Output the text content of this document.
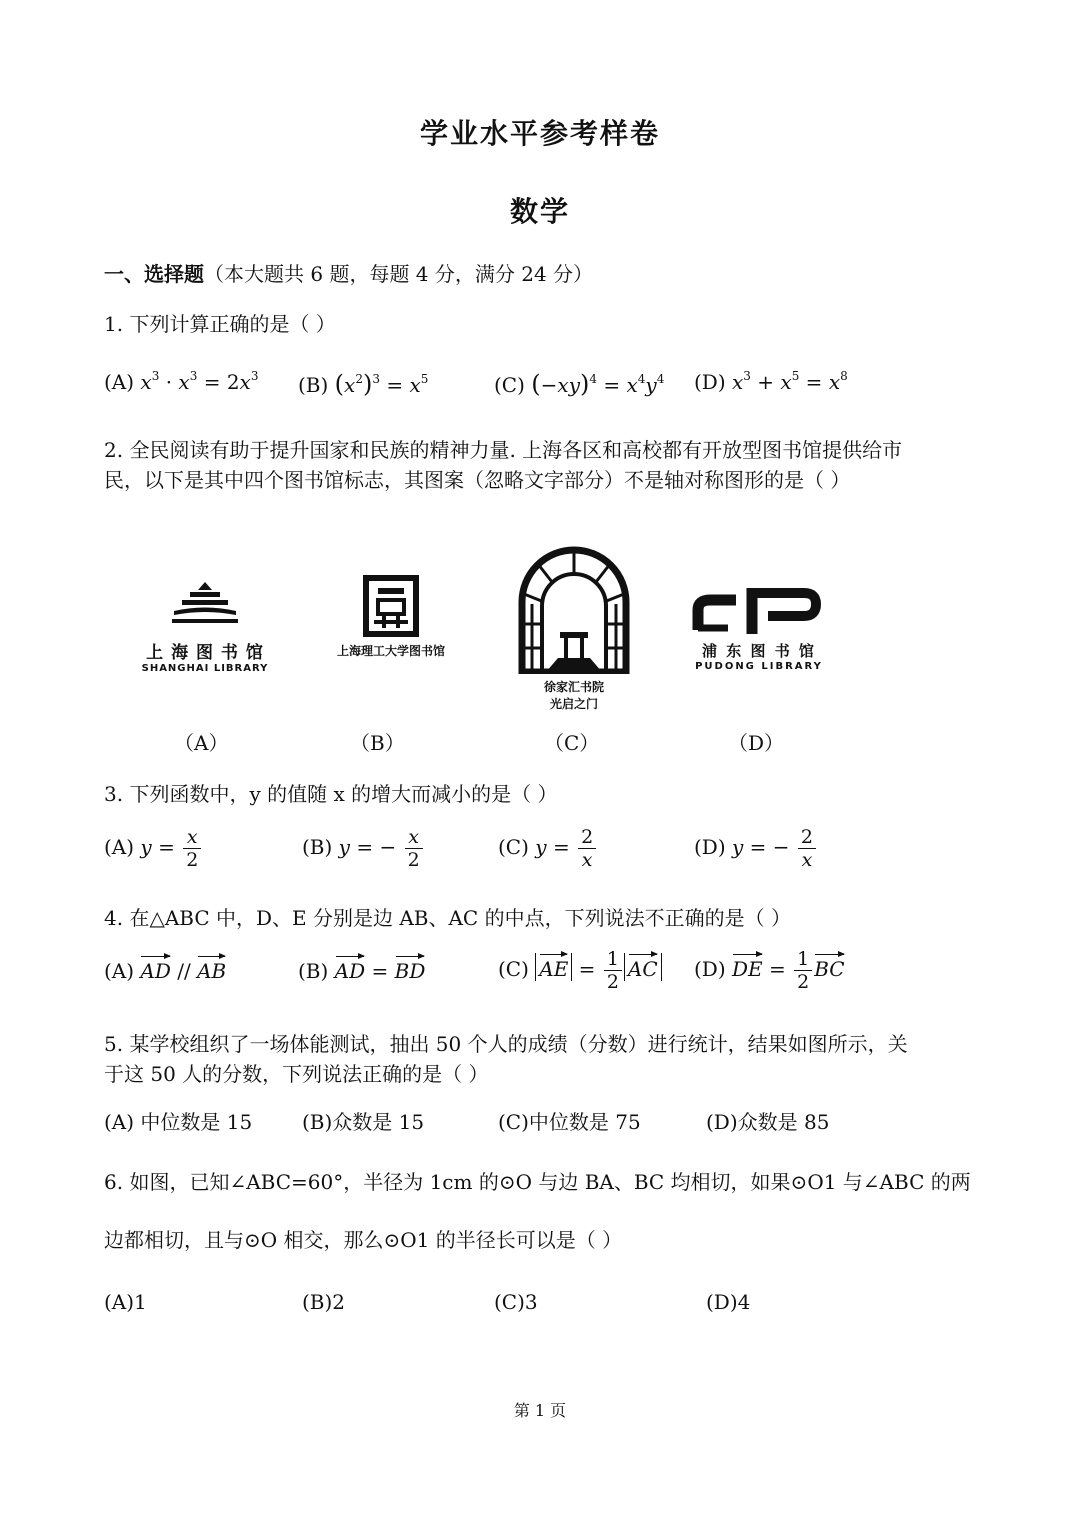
学业水平参考样卷
数学
一、选择题（本大题共 6 题，每题 4 分，满分 24 分）
1. 下列计算正确的是（ ）
(A) $x^3 \cdot x^3 = 2x^3$ (B) $(x^2)^3 = x^5$	(C) $(-xy)^4 = x^4y^4$ (D) $x^3 + x^5 = x^8$
2. 全民阅读有助于提升国家和民族的精神力量. 上海各区和高校都有开放型图书馆提供给市
民，以下是其中四个图书馆标志，其图案（忽略文字部分）不是轴对称图形的是（ ）
上 海 图 书 馆
SHANGHAI LIBRARY
上海理工大学图书馆
徐家汇书院
光启之门
浦 东 图 书 馆
PUDONG LIBRARY
（A）	（B）	（C）	（D）
3. 下列函数中，y 的值随 x 的增大而减小的是（ ）
(A) $y = \frac{x}{2}$	(B) y = − $\frac{x}{2}$	(C) $y = \frac{2}{x}$	(D) y = − $\frac{2}{x}$
4. 在△ABC 中，D、E 分别是边 AB、AC 的中点，下列说法不正确的是（ ）
(A) AD // AB	(B) AD = BD	(C) AE = $\frac{1}{2}$ AC (D) DE = $\frac{1}{2}$ BC
5. 某学校组织了一场体能测试，抽出 50 个人的成绩（分数）进行统计，结果如图所示，关
于这 50 人的分数，下列说法正确的是（ ）
(A) 中位数是 15 (B)众数是 15	(C)中位数是 75	(D)众数是 85
6. 如图，已知∠ABC=60°，半径为 1cm 的⊙O 与边 BA、BC 均相切，如果⊙O1 与∠ABC 的两
边都相切，且与⊙O 相交，那么⊙O1 的半径长可以是（ ）
(A)1	(B)2	(C)3	(D)4
第 1 页
